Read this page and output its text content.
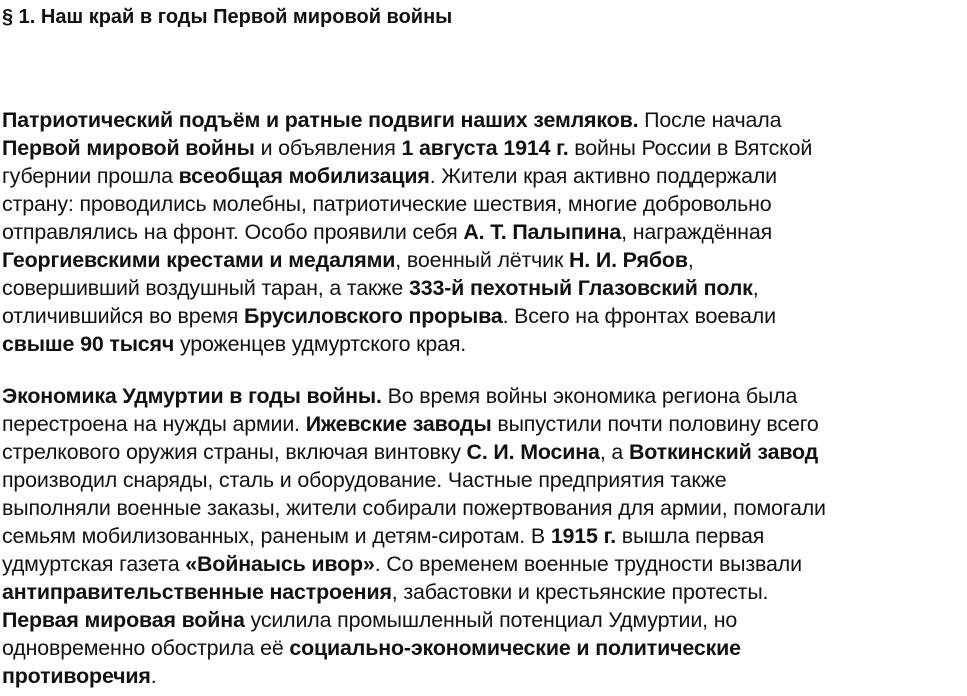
§ 1. Наш край в годы Первой мировой войны
Патриотический подъём и ратные подвиги наших земляков. После начала
Первой мировой войны и объявления 1 августа 1914 г. войны России в Вятской
губернии прошла всеобщая мобилизация. Жители края активно поддержали
страну: проводились молебны, патриотические шествия, многие добровольно
отправлялись на фронт. Особо проявили себя А. Т. Палыпина, награждённая
Георгиевскими крестами и медалями, военный лётчик Н. И. Рябов,
совершивший воздушный таран, а также 333-й пехотный Глазовский полк,
отличившийся во время Брусиловского прорыва. Всего на фронтах воевали
свыше 90 тысяч уроженцев удмуртского края.
Экономика Удмуртии в годы войны. Во время войны экономика региона была
перестроена на нужды армии. Ижевские заводы выпустили почти половину всего
стрелкового оружия страны, включая винтовку С. И. Мосина, а Воткинский завод
производил снаряды, сталь и оборудование. Частные предприятия также
выполняли военные заказы, жители собирали пожертвования для армии, помогали
семьям мобилизованных, раненым и детям-сиротам. В 1915 г. вышла первая
удмуртская газета «Войнаысь ивор». Со временем военные трудности вызвали
антиправительственные настроения, забастовки и крестьянские протесты.
Первая мировая война усилила промышленный потенциал Удмуртии, но
одновременно обострила её социально-экономические и политические
противоречия.
